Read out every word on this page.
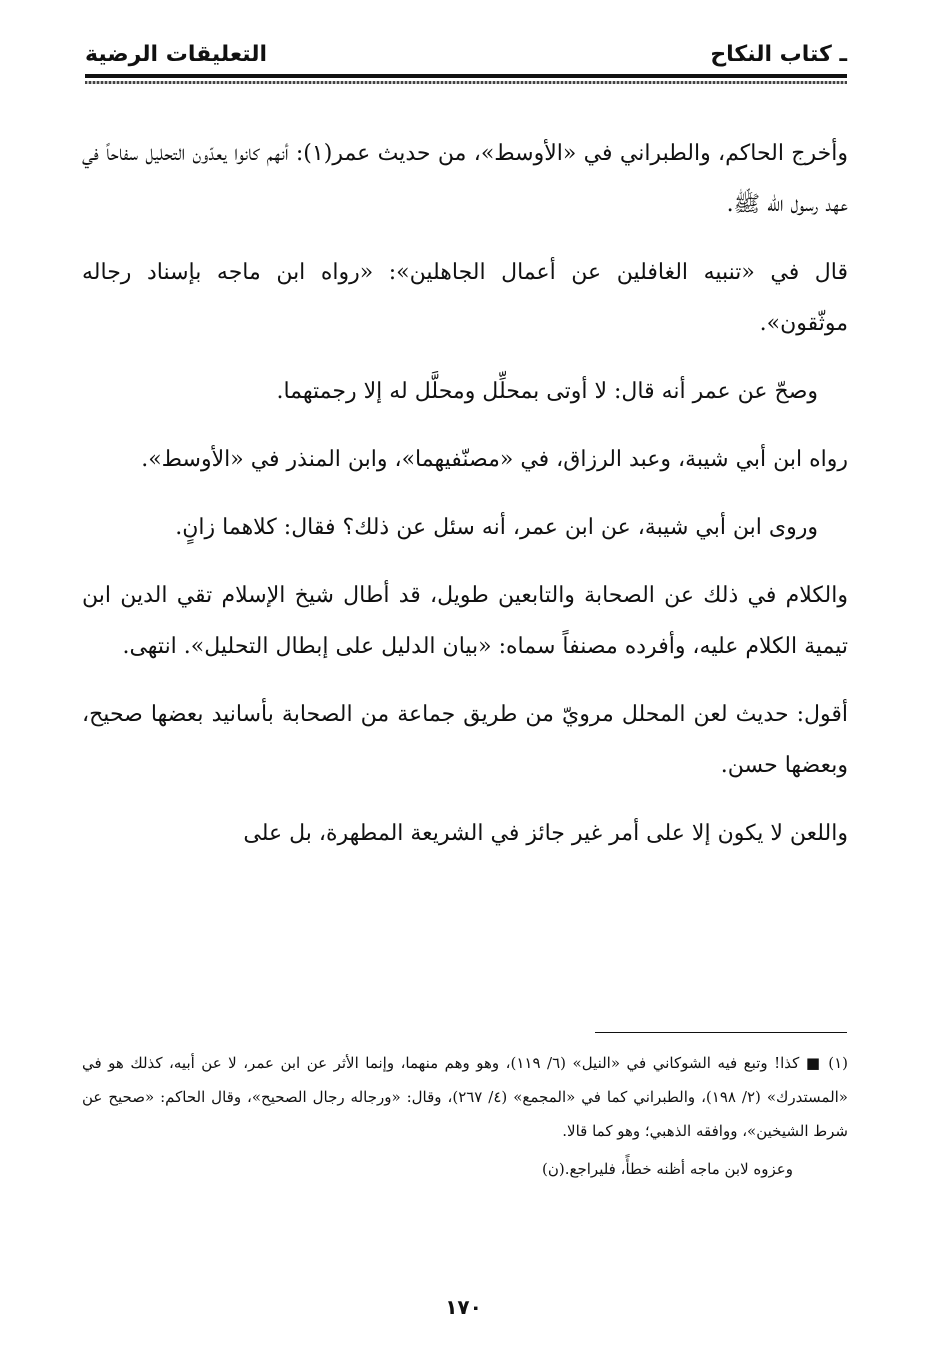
ـ كتاب النكاح
التعليقات الرضية

وأخرج الحاكم، والطبراني في «الأوسط»، من حديث عمر(١): أنهم كانوا يعدّون التحليل سفاحاً في عهد رسول الله ﷺ.

قال في «تنبيه الغافلين عن أعمال الجاهلين»: «رواه ابن ماجه بإسناد رجاله موثّقون».

وصحّ عن عمر أنه قال: لا أوتى بمحلِّل ومحلَّل له إلا رجمتهما.

رواه ابن أبي شيبة، وعبد الرزاق، في «مصنّفيهما»، وابن المنذر في «الأوسط».

وروى ابن أبي شيبة، عن ابن عمر، أنه سئل عن ذلك؟ فقال: كلاهما زانٍ.

والكلام في ذلك عن الصحابة والتابعين طويل، قد أطال شيخ الإسلام تقي الدين ابن تيمية الكلام عليه، وأفرده مصنفاً سماه: «بيان الدليل على إبطال التحليل». انتهى.

أقول: حديث لعن المحلل مرويّ من طريق جماعة من الصحابة بأسانيد بعضها صحيح، وبعضها حسن.

واللعن لا يكون إلا على أمر غير جائز في الشريعة المطهرة، بل على

(١) ■ كذا! وتبع فيه الشوكاني في «النيل» (٦/ ١١٩)، وهو وهم منهما، وإنما الأثر عن ابن عمر، لا عن أبيه، كذلك هو في «المستدرك» (٢/ ١٩٨)، والطبراني كما في «المجمع» (٤/ ٢٦٧)، وقال: «ورجاله رجال الصحيح»، وقال الحاكم: «صحيح عن شرط الشيخين»، ووافقه الذهبي؛ وهو كما قالا.
وعزوه لابن ماجه أظنه خطأً، فليراجع.(ن)
١٧٠
